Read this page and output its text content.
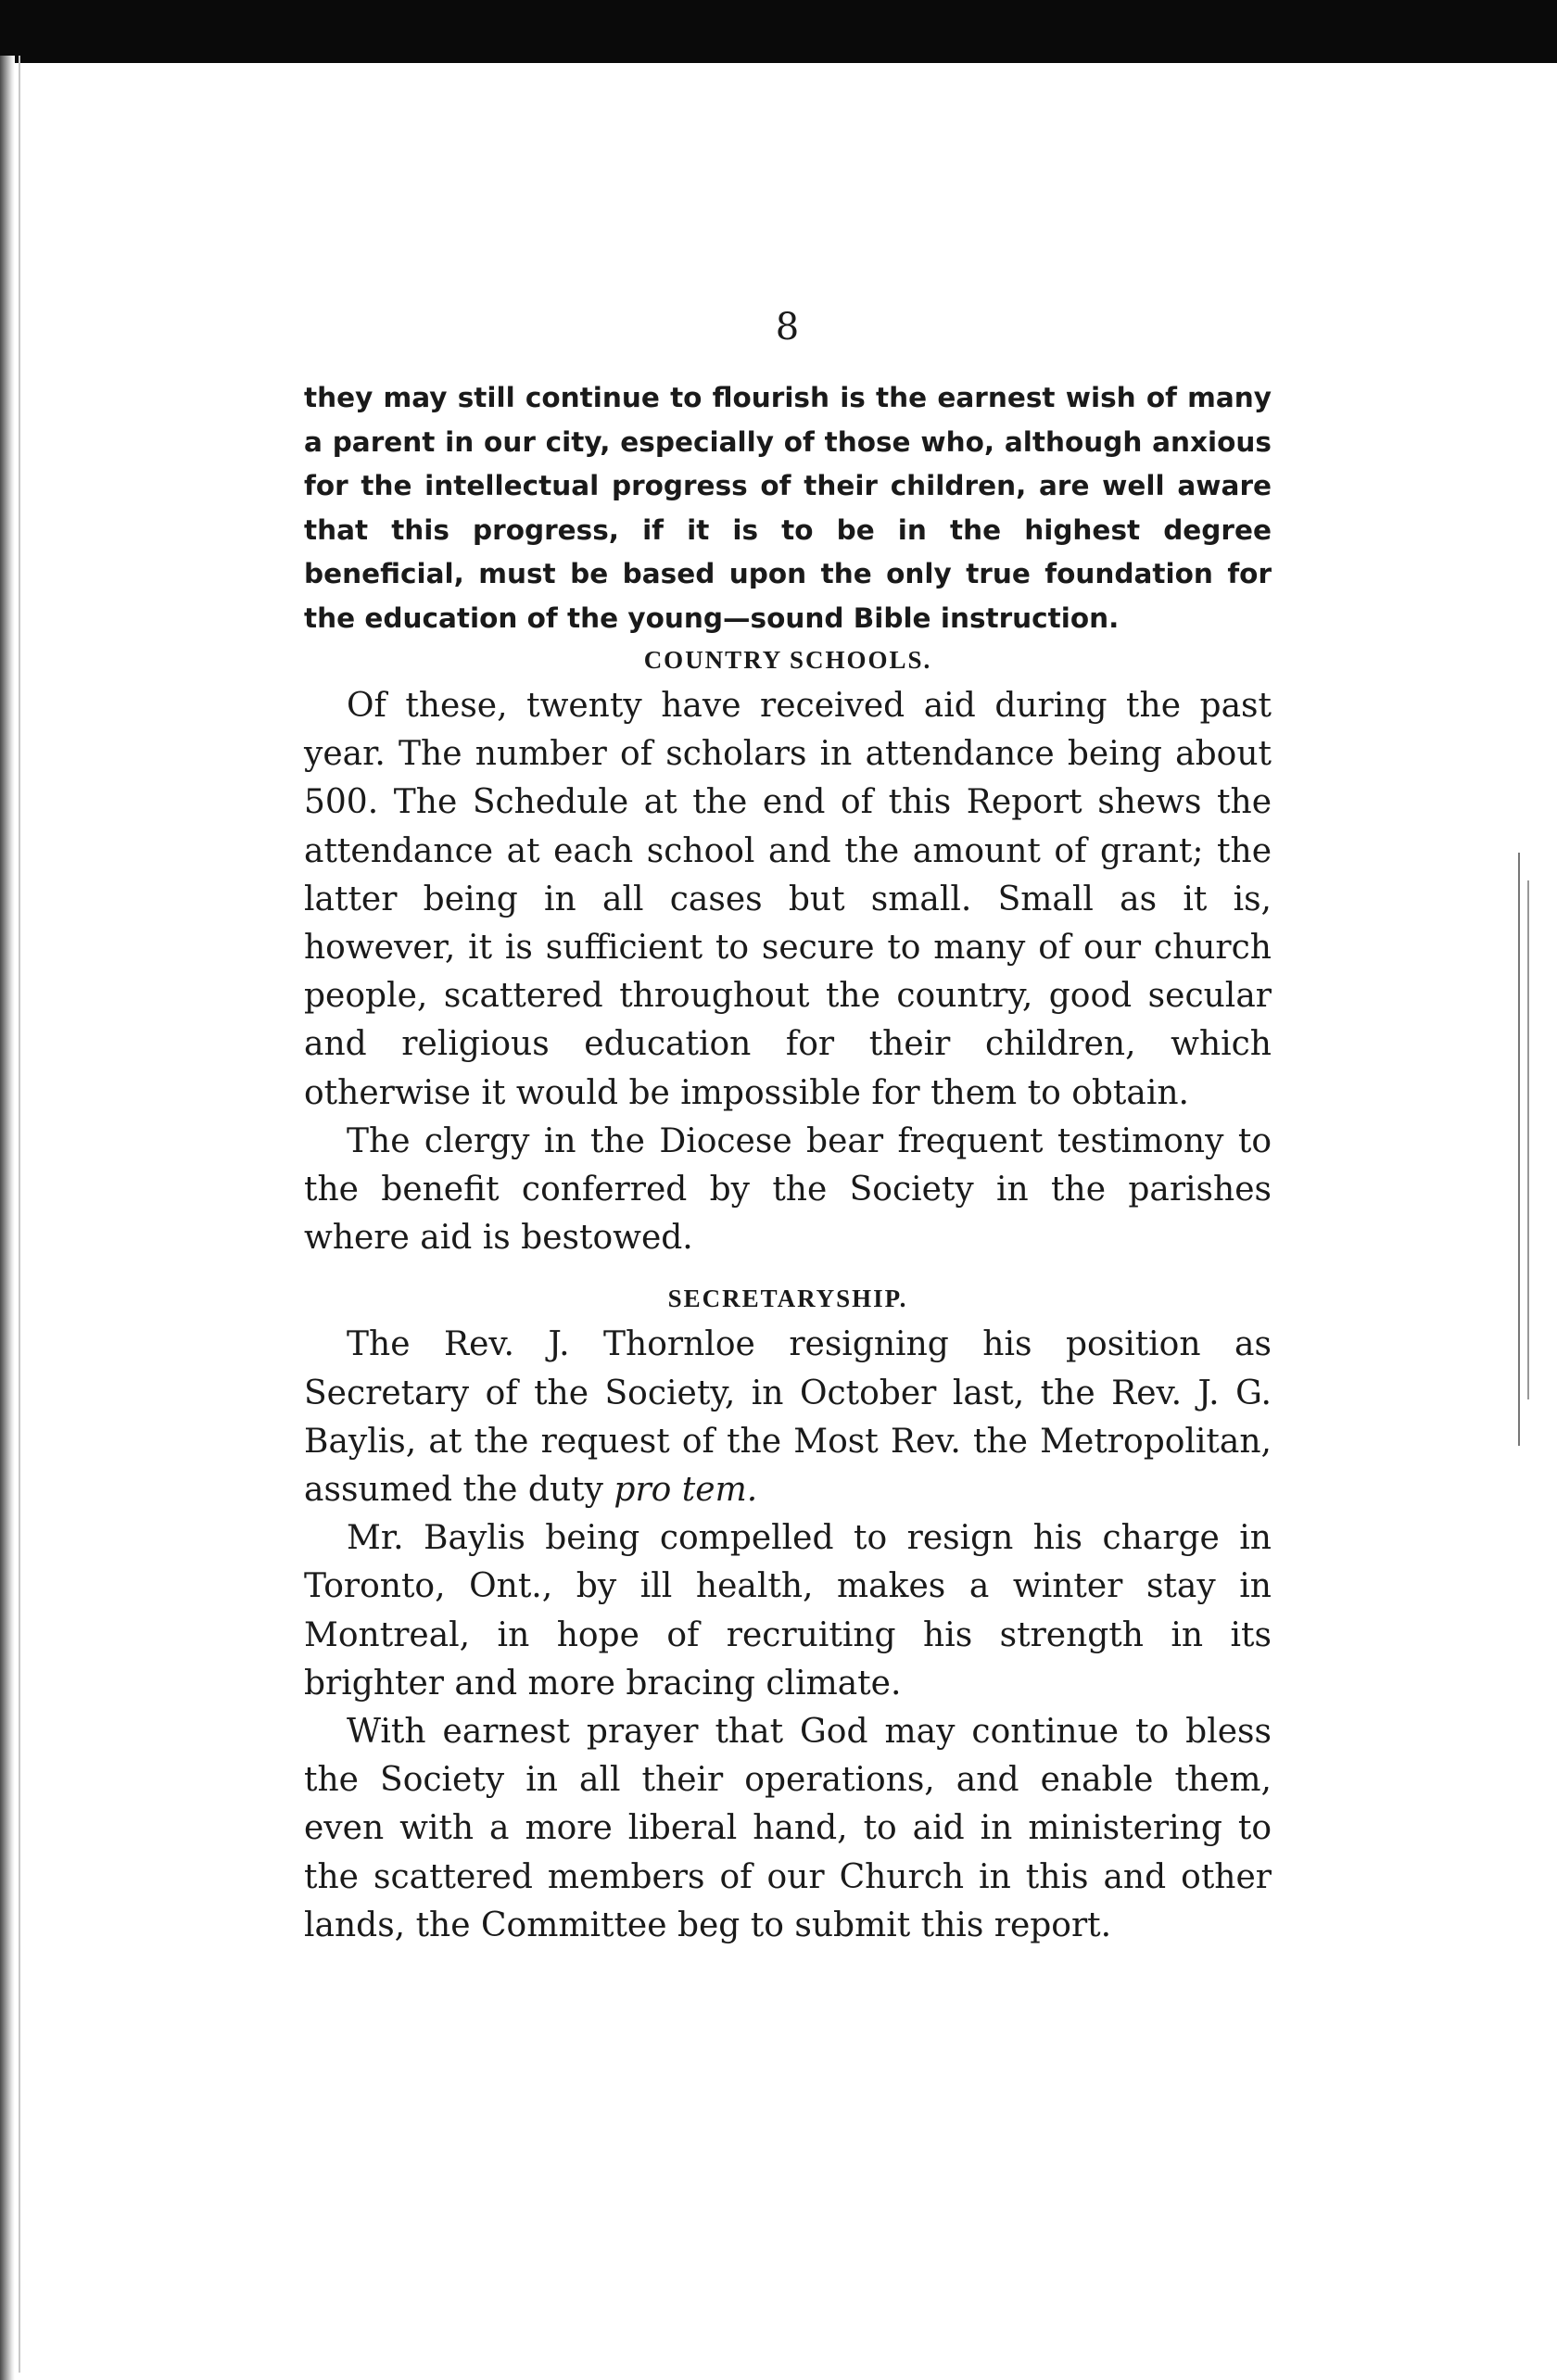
8

they may still continue to flourish is the earnest wish of many a parent in our city, especially of those who, although anxious for the intellectual progress of their children, are well aware that this progress, if it is to be in the highest degree beneficial, must be based upon the only true foundation for the education of the young—sound Bible instruction.

COUNTRY SCHOOLS.

Of these, twenty have received aid during the past year. The number of scholars in attendance being about 500. The Schedule at the end of this Report shews the attendance at each school and the amount of grant; the latter being in all cases but small. Small as it is, however, it is sufficient to secure to many of our church people, scattered throughout the country, good secular and religious education for their children, which otherwise it would be impossible for them to obtain.

The clergy in the Diocese bear frequent testimony to the benefit conferred by the Society in the parishes where aid is bestowed.

SECRETARYSHIP.

The Rev. J. Thornloe resigning his position as Secretary of the Society, in October last, the Rev. J. G. Baylis, at the request of the Most Rev. the Metropolitan, assumed the duty pro tem.

Mr. Baylis being compelled to resign his charge in Toronto, Ont., by ill health, makes a winter stay in Montreal, in hope of recruiting his strength in its brighter and more bracing climate.

With earnest prayer that God may continue to bless the Society in all their operations, and enable them, even with a more liberal hand, to aid in ministering to the scattered members of our Church in this and other lands, the Committee beg to submit this report.
